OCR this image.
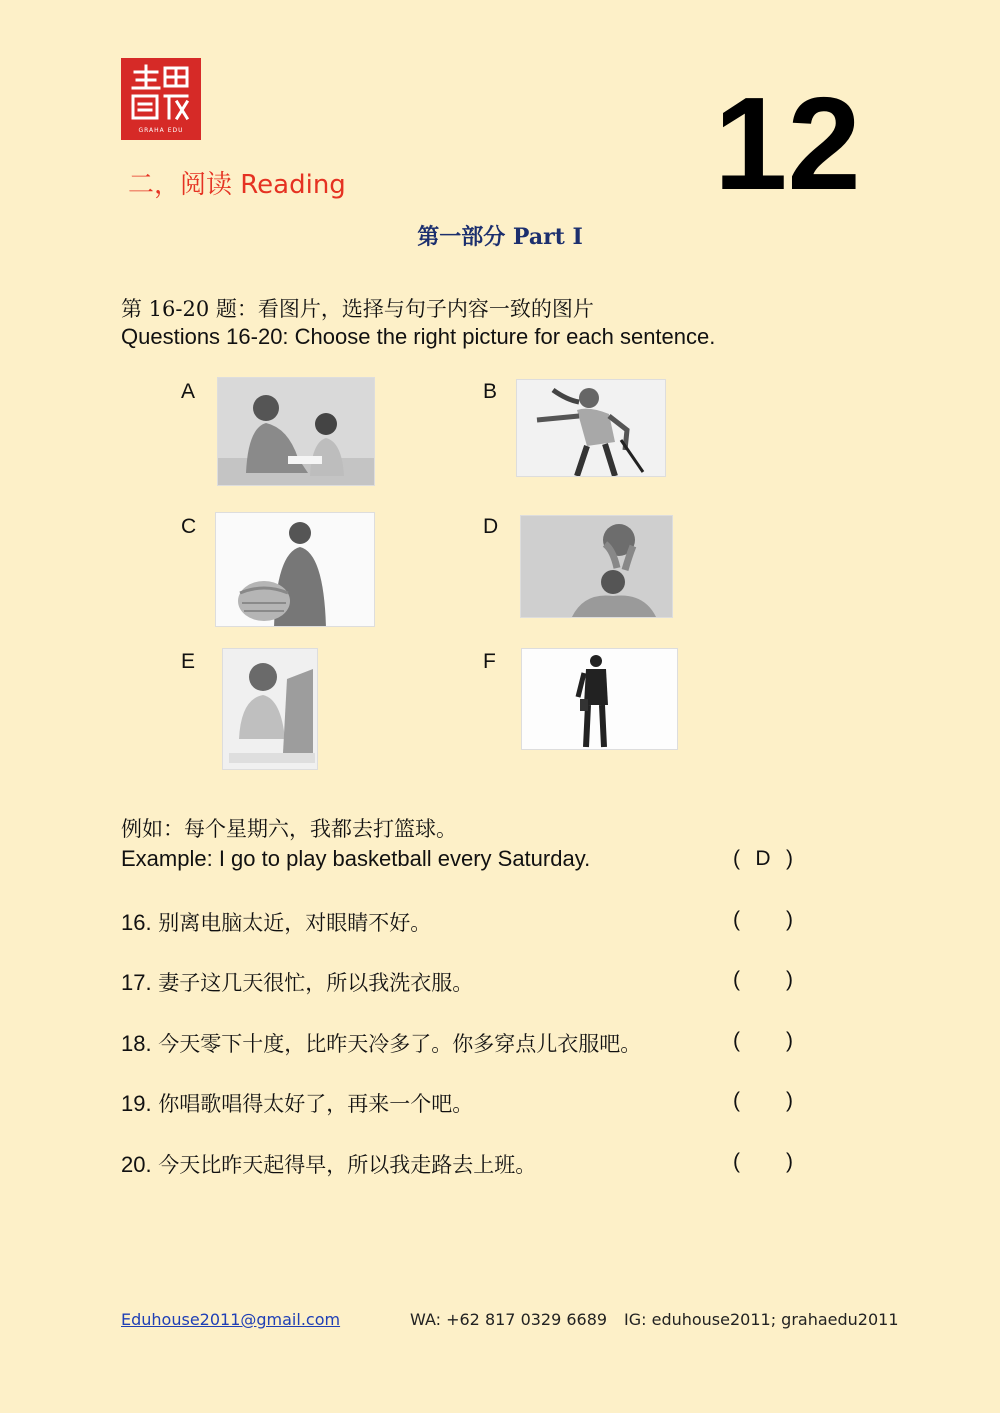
GRAHA EDU
二，阅读 Reading	12
第一部分 Part I
第 16-20 题：看图片，选择与句子内容一致的图片
Questions 16-20: Choose the right picture for each sentence.
A	B
C	D
E	F
例如：每个星期六，我都去打篮球。
Example: I go to play basketball every Saturday.	( D )
16. 别离电脑太近，对眼睛不好。	( )
17. 妻子这几天很忙，所以我洗衣服。	( )
18. 今天零下十度，比昨天冷多了。你多穿点儿衣服吧。	( )
19. 你唱歌唱得太好了，再来一个吧。	( )
20. 今天比昨天起得早，所以我走路去上班。	( )
Eduhouse2011@gmail.com	WA: +62 817 0329 6689 IG: eduhouse2011; grahaedu2011
